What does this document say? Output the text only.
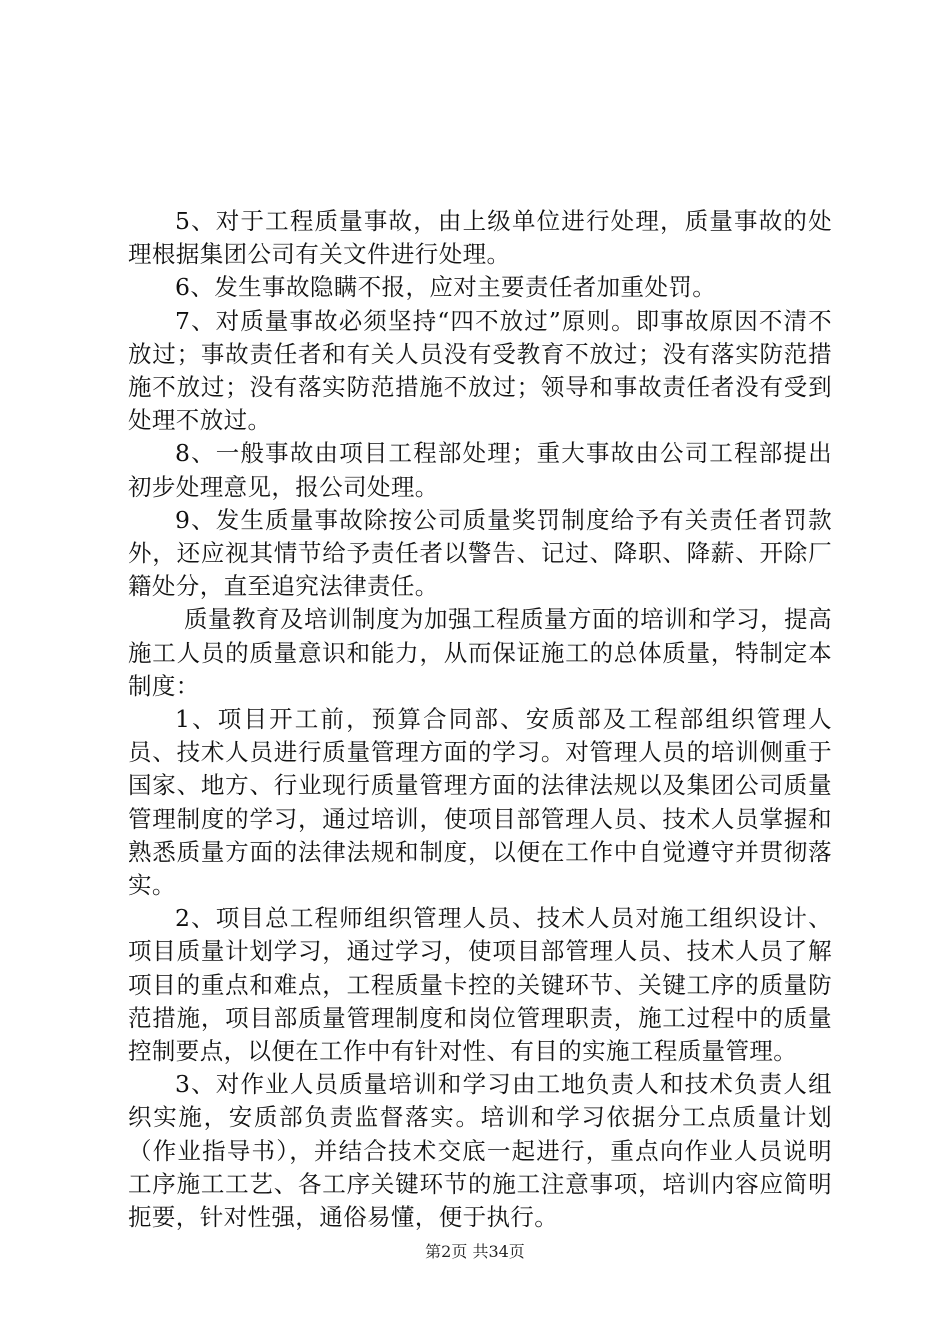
5、对于工程质量事故，由上级单位进行处理，质量事故的处理根据集团公司有关文件进行处理。

6、发生事故隐瞒不报，应对主要责任者加重处罚。

7、对质量事故必须坚持“四不放过”原则。即事故原因不清不放过；事故责任者和有关人员没有受教育不放过；没有落实防范措施不放过；没有落实防范措施不放过；领导和事故责任者没有受到处理不放过。

8、一般事故由项目工程部处理；重大事故由公司工程部提出初步处理意见，报公司处理。

9、发生质量事故除按公司质量奖罚制度给予有关责任者罚款外，还应视其情节给予责任者以警告、记过、降职、降薪、开除厂籍处分，直至追究法律责任。

质量教育及培训制度为加强工程质量方面的培训和学习，提高施工人员的质量意识和能力，从而保证施工的总体质量，特制定本制度：

1、项目开工前，预算合同部、安质部及工程部组织管理人员、技术人员进行质量管理方面的学习。对管理人员的培训侧重于国家、地方、行业现行质量管理方面的法律法规以及集团公司质量管理制度的学习，通过培训，使项目部管理人员、技术人员掌握和熟悉质量方面的法律法规和制度，以便在工作中自觉遵守并贯彻落实。

2、项目总工程师组织管理人员、技术人员对施工组织设计、项目质量计划学习，通过学习，使项目部管理人员、技术人员了解项目的重点和难点，工程质量卡控的关键环节、关键工序的质量防范措施，项目部质量管理制度和岗位管理职责，施工过程中的质量控制要点，以便在工作中有针对性、有目的实施工程质量管理。

3、对作业人员质量培训和学习由工地负责人和技术负责人组织实施，安质部负责监督落实。培训和学习依据分工点质量计划（作业指导书），并结合技术交底一起进行，重点向作业人员说明工序施工工艺、各工序关键环节的施工注意事项，培训内容应简明扼要，针对性强，通俗易懂，便于执行。

第2页 共34页
